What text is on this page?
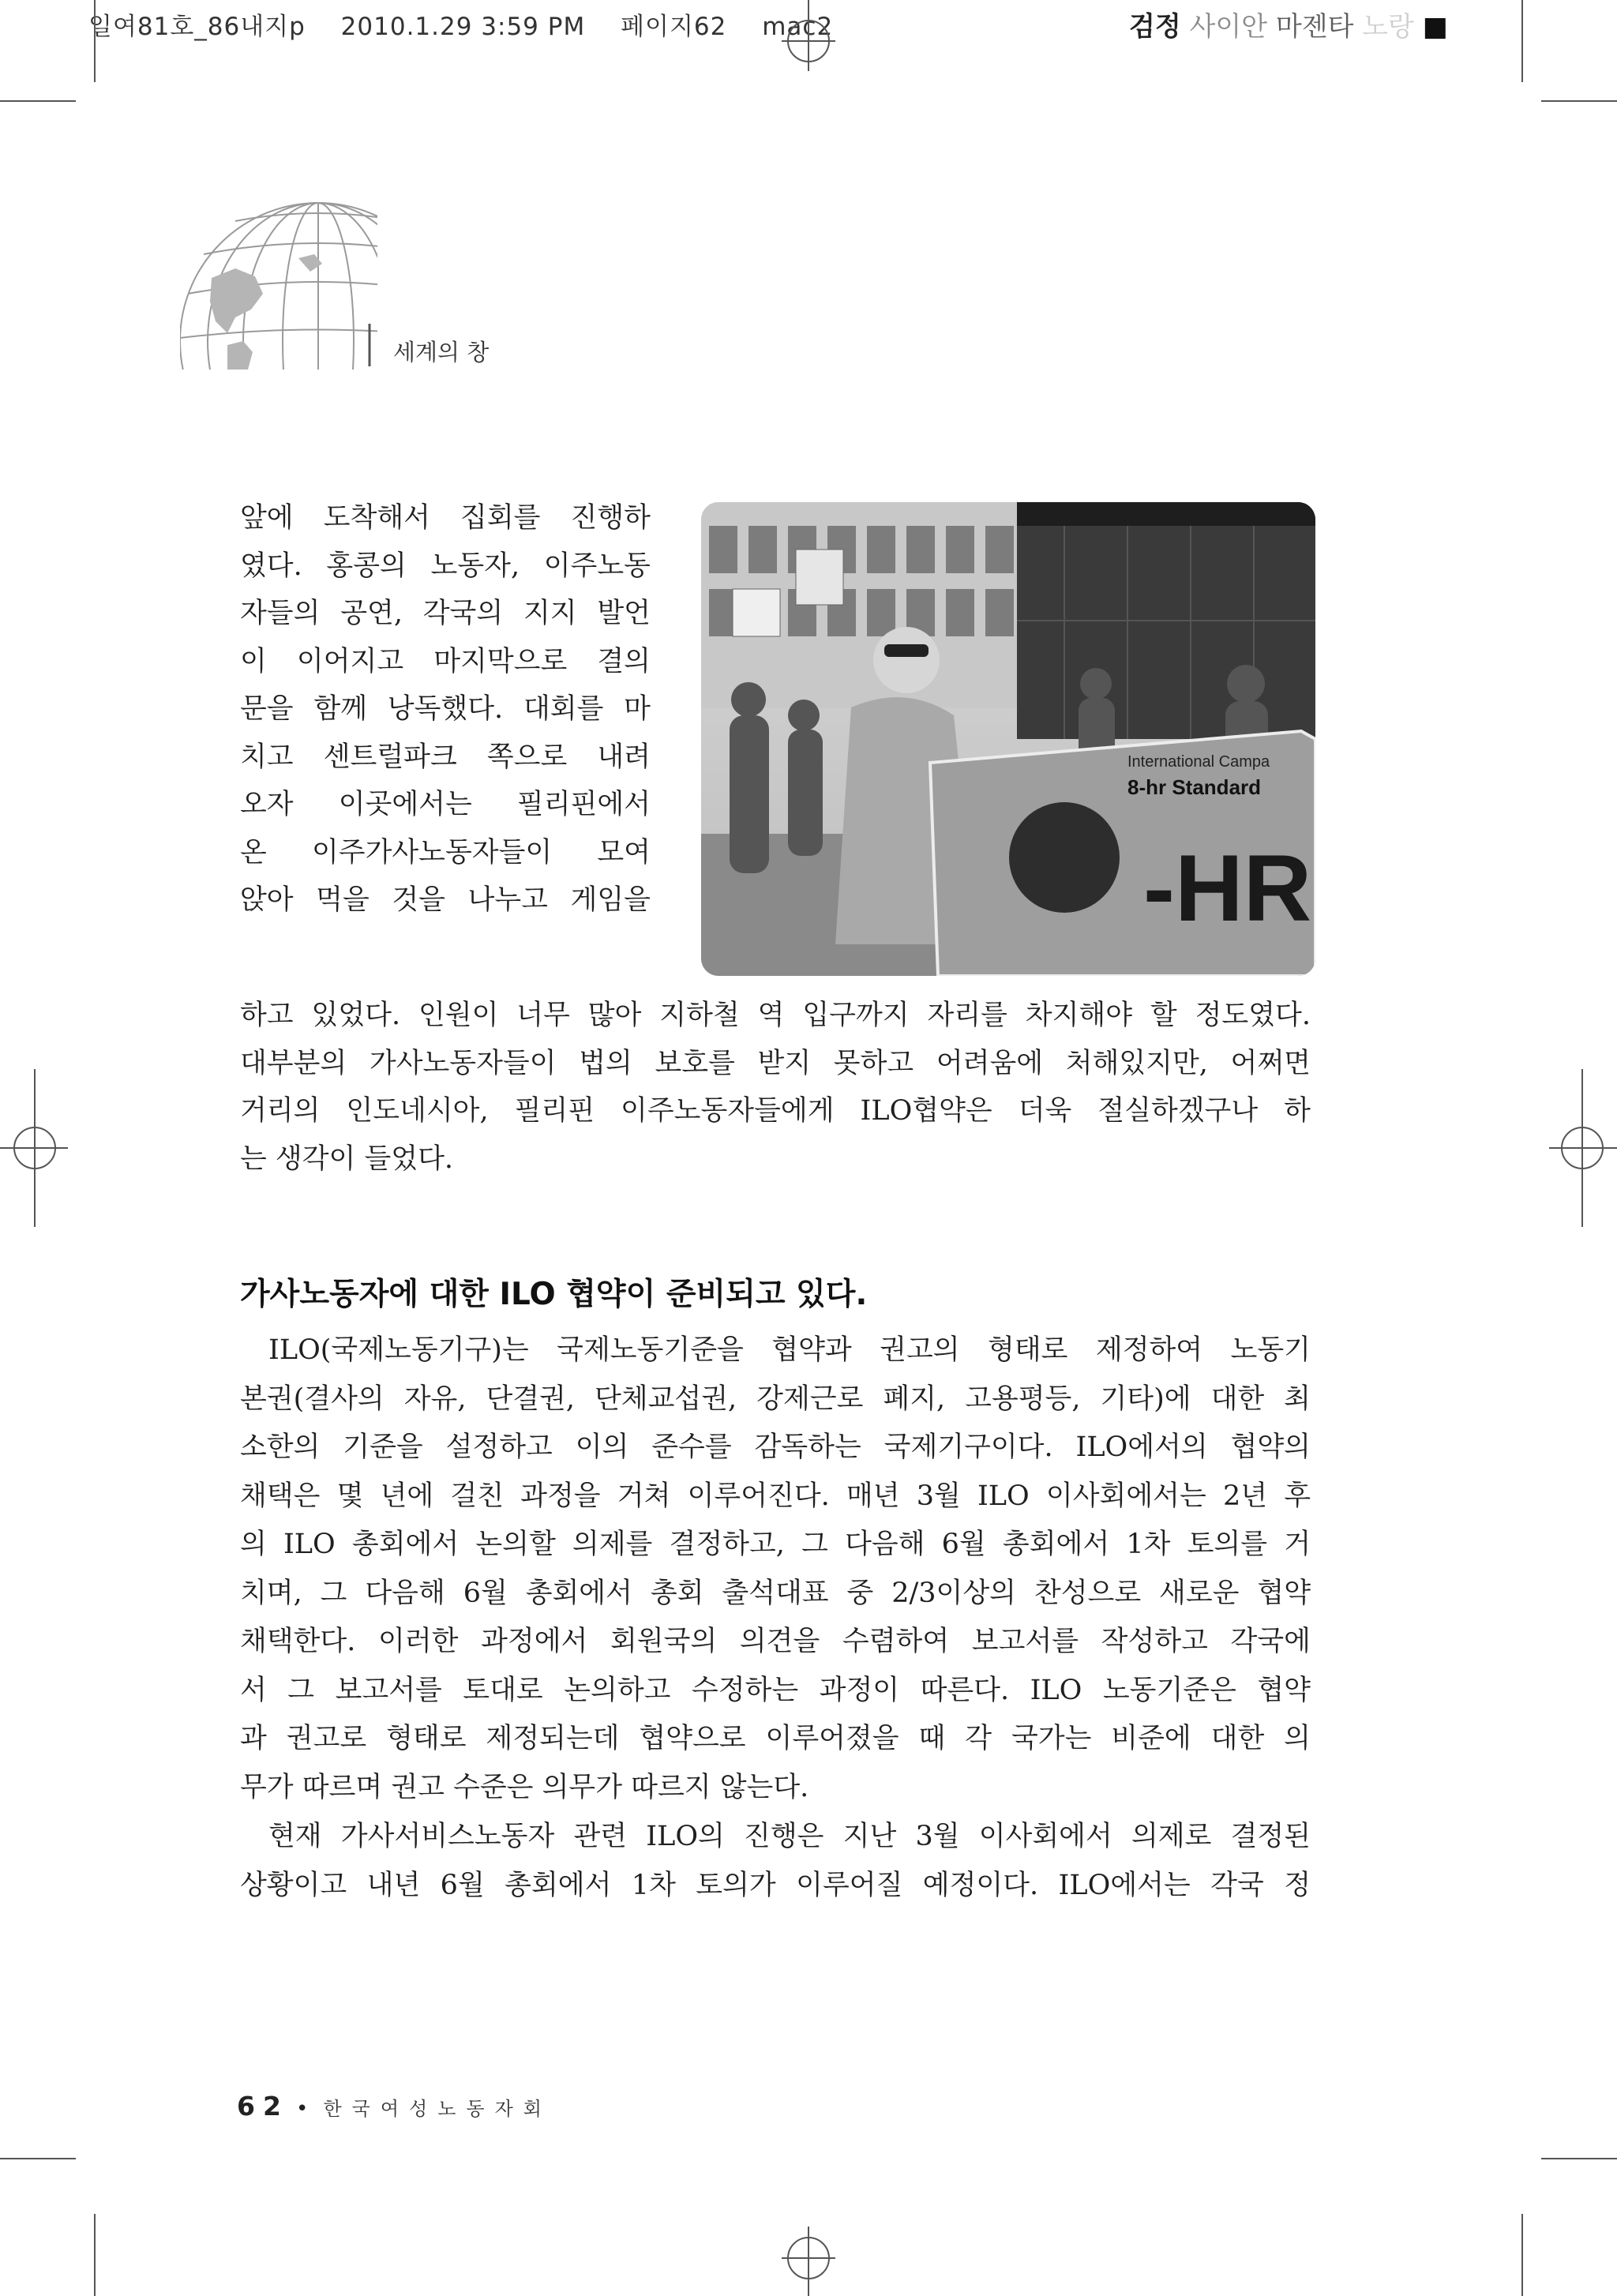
일여81호_86내지p 2010.1.29 3:59 PM 페이지62 mac2	검정 사이안 마젠타 노랑 ■
세계의 창
앞에 도착해서 집회를 진행하
였다. 홍콩의 노동자, 이주노동
자들의 공연, 각국의 지지 발언
이 이어지고 마지막으로 결의
문을 함께 낭독했다. 대회를 마
치고 센트럴파크 쪽으로 내려
오자 이곳에서는 필리핀에서
온 이주가사노동자들이 모여
앉아 먹을 것을 나누고 게임을
International Campa
8-hr Standard
-HR
하고 있었다. 인원이 너무 많아 지하철 역 입구까지 자리를 차지해야 할 정도였다.
대부분의 가사노동자들이 법의 보호를 받지 못하고 어려움에 처해있지만, 어쩌면
거리의 인도네시아, 필리핀 이주노동자들에게 ILO협약은 더욱 절실하겠구나 하
는 생각이 들었다.
가사노동자에 대한 ILO 협약이 준비되고 있다.
ILO(국제노동기구)는 국제노동기준을 협약과 권고의 형태로 제정하여 노동기
본권(결사의 자유, 단결권, 단체교섭권, 강제근로 폐지, 고용평등, 기타)에 대한 최
소한의 기준을 설정하고 이의 준수를 감독하는 국제기구이다. ILO에서의 협약의
채택은 몇 년에 걸친 과정을 거쳐 이루어진다. 매년 3월 ILO 이사회에서는 2년 후
의 ILO 총회에서 논의할 의제를 결정하고, 그 다음해 6월 총회에서 1차 토의를 거
치며, 그 다음해 6월 총회에서 총회 출석대표 중 2/3이상의 찬성으로 새로운 협약
채택한다. 이러한 과정에서 회원국의 의견을 수렴하여 보고서를 작성하고 각국에
서 그 보고서를 토대로 논의하고 수정하는 과정이 따른다. ILO 노동기준은 협약
과 권고로 형태로 제정되는데 협약으로 이루어졌을 때 각 국가는 비준에 대한 의
무가 따르며 권고 수준은 의무가 따르지 않는다.
현재 가사서비스노동자 관련 ILO의 진행은 지난 3월 이사회에서 의제로 결정된
상황이고 내년 6월 총회에서 1차 토의가 이루어질 예정이다. ILO에서는 각국 정
62 • 한국여성노동자회
